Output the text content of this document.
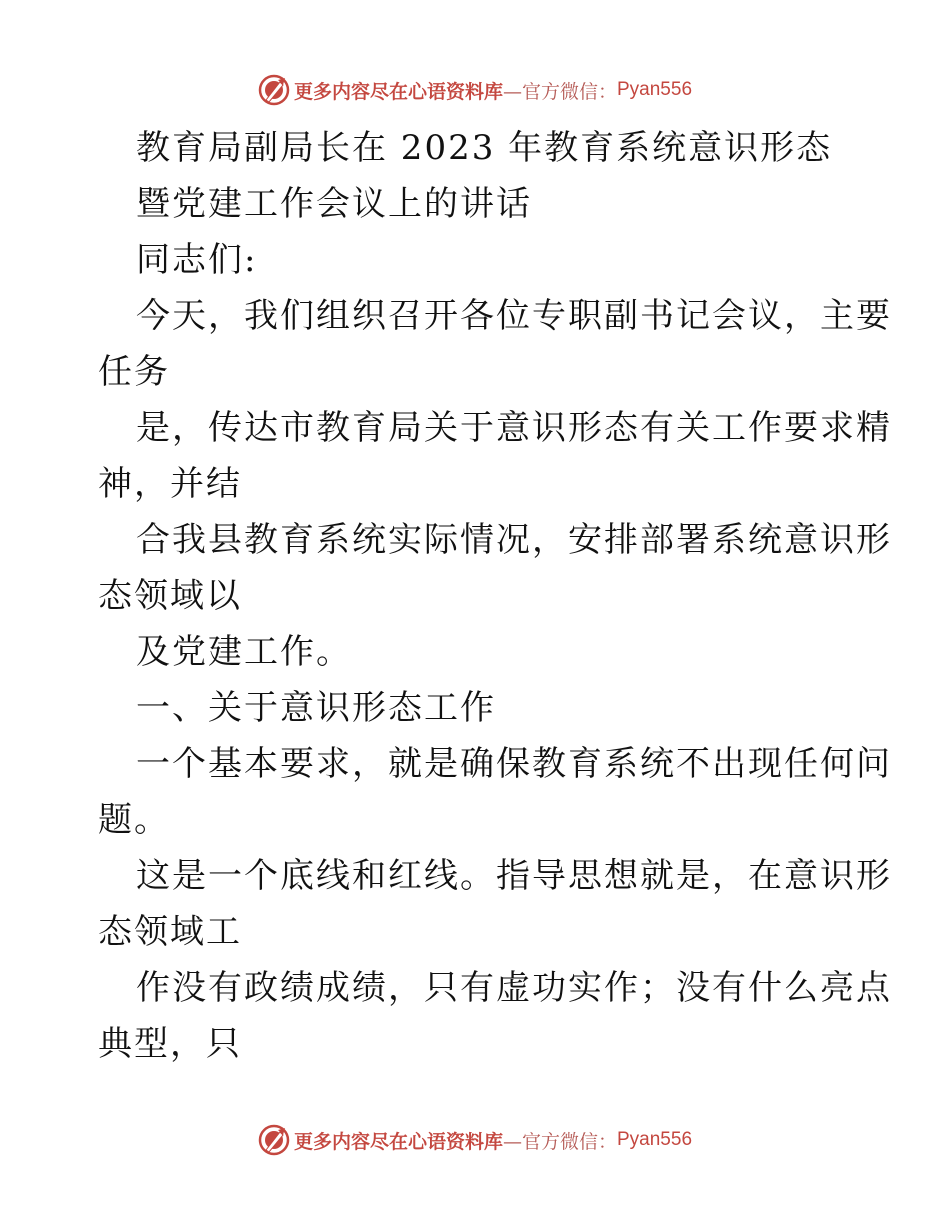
更多内容尽在心语资料库 —官方微信： Pyan556
教育局副局长在 2023 年教育系统意识形态
暨党建工作会议上的讲话
同志们:
今天，我们组织召开各位专职副书记会议，主要
任务
是，传达市教育局关于意识形态有关工作要求精
神，并结
合我县教育系统实际情况，安排部署系统意识形
态领域以
及党建工作。
一、关于意识形态工作
一个基本要求，就是确保教育系统不出现任何问
题。
这是一个底线和红线。指导思想就是，在意识形
态领域工
作没有政绩成绩，只有虚功实作；没有什么亮点
典型，只
更多内容尽在心语资料库 —官方微信： Pyan556
